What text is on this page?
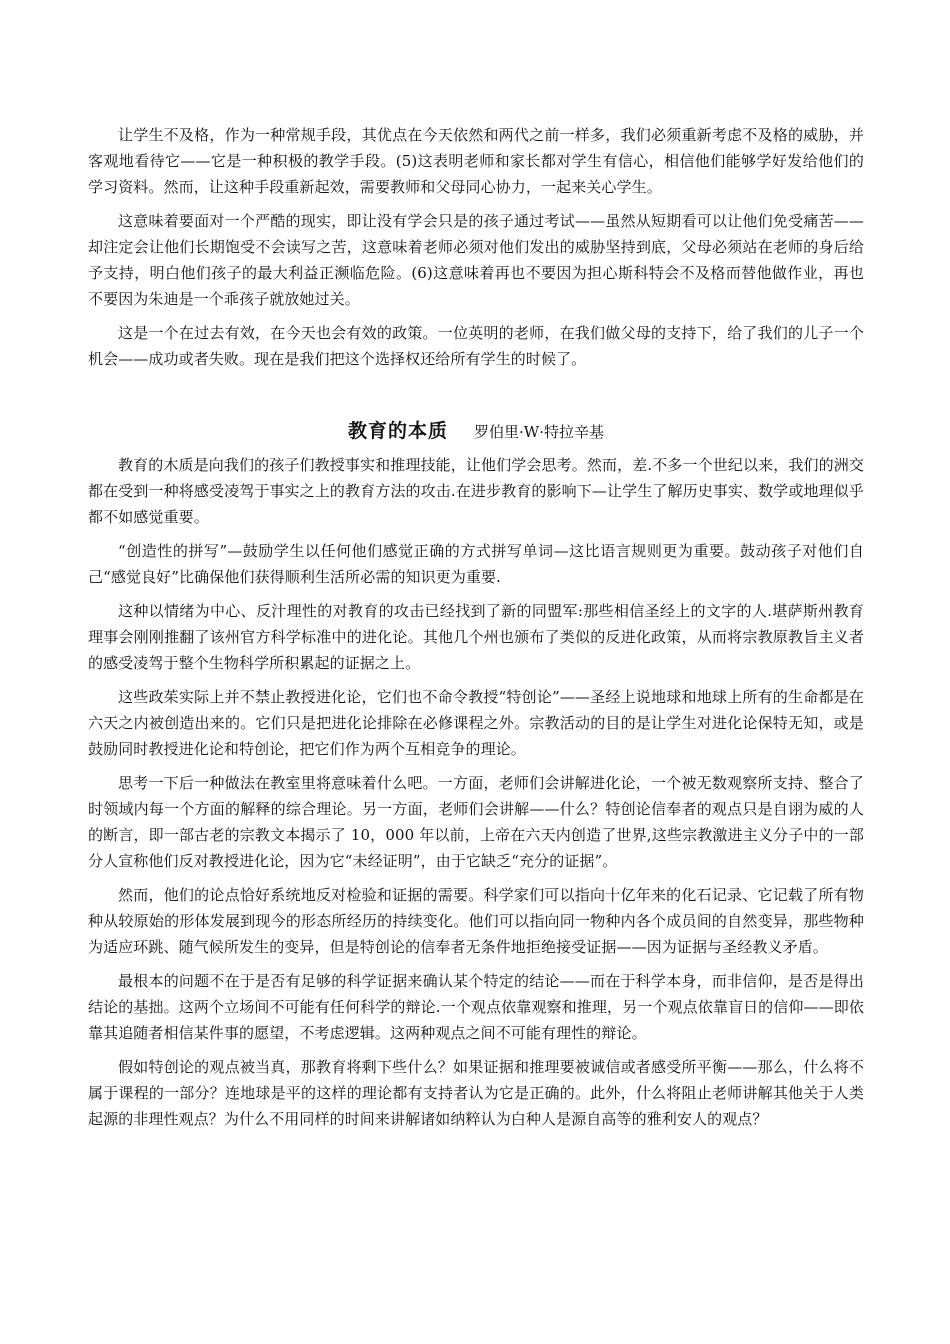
让学生不及格，作为一种常规手段，其优点在今天依然和两代之前一样多，我们必须重新考虑不及格的威胁，并客观地看待它——它是一种积极的教学手段。(5)这表明老师和家长都对学生有信心，相信他们能够学好发给他们的学习资料。然而，让这种手段重新起效，需要教师和父母同心协力，一起来关心学生。

这意味着要面对一个严酷的现实，即让没有学会只是的孩子通过考试——虽然从短期看可以让他们免受痛苦——却注定会让他们长期饱受不会读写之苦，这意味着老师必须对他们发出的威胁坚持到底，父母必须站在老师的身后给予支持，明白他们孩子的最大利益正濒临危险。(6)这意味着再也不要因为担心斯科特会不及格而替他做作业，再也不要因为朱迪是一个乖孩子就放她过关。

这是一个在过去有效，在今天也会有效的政策。一位英明的老师，在我们做父母的支持下，给了我们的儿子一个机会——成功或者失败。现在是我们把这个选择权还给所有学生的时候了。

教育的本质 罗伯里·W·特拉辛基

教育的木质是向我们的孩子们教授事实和推理技能，让他们学会思考。然而，差.不多一个世纪以来，我们的洲交都在受到一种将感受凌驾于事实之上的教育方法的攻击.在进步教育的影响下—让学生了解历史事实、数学或地理似乎都不如感觉重要。

“创造性的拼写”—鼓励学生以任何他们感觉正确的方式拼写单词—这比语言规则更为重要。鼓动孩子对他们自己“感觉良好”比确保他们获得顺利生活所必需的知识更为重要.

这种以情绪为中心、反汁理性的对教育的攻击已经找到了新的同盟军:那些相信圣经上的文字的人.堪萨斯州教育理事会刚刚推翻了该州官方科学标准中的进化论。其他几个州也颁布了类似的反进化政策，从而将宗教原教旨主义者的感受凌驾于整个生物科学所积累起的证据之上。

这些政茱实际上并不禁止教授进化论，它们也不命令教授“特创论”——圣经上说地球和地球上所有的生命都是在六天之内被创造出来的。它们只是把进化论排除在必修课程之外。宗教活动的目的是让学生对进化论保特无知，或是鼓励同时教授进化论和特创论，把它们作为两个互相竞争的理论。

思考一下后一种做法在教室里将意味着什么吧。一方面，老师们会讲解进化论，一个被无数观察所支持、整合了时领域内每一个方面的解释的综合理论。另一方面，老师们会讲解——什么？特创论信奉者的观点只是自诩为威的人的断言，即一部古老的宗教文本揭示了 10，000 年以前，上帝在六天内创造了世界,这些宗教激进主义分子中的一部分人宣称他们反对教授进化论，因为它“未经证明”，由于它缺乏“充分的证据”。

然而，他们的论点恰好系统地反对检验和证据的需要。科学家们可以指向十亿年来的化石记录、它记载了所有物种从较原始的形体发展到现今的形态所经历的持续变化。他们可以指向同一物种内各个成员间的自然变异，那些物种为适应环跳、随气候所发生的变异，但是特创论的信奉者无条件地拒绝接受证据——因为证据与圣经教义矛盾。

最根本的问题不在于是否有足够的科学证据来确认某个特定的结论——而在于科学本身，而非信仰，是否是得出结论的基拙。这两个立场间不可能有任何科学的辩论.一个观点依靠观察和推理，另一个观点依靠盲日的信仰——即依靠其追随者相信某件事的愿望，不考虑逻辑。这两种观点之间不可能有理性的辩论。

假如特创论的观点被当真，那教育将剩下些什么？如果证据和推理要被诚信或者感受所平衡——那么，什么将不属于课程的一部分？连地球是平的这样的理论都有支持者认为它是正确的。此外，什么将阻止老师讲解其他关于人类起源的非理性观点？为什么不用同样的时间来讲解诸如纳粹认为白种人是源自高等的雅利安人的观点？
